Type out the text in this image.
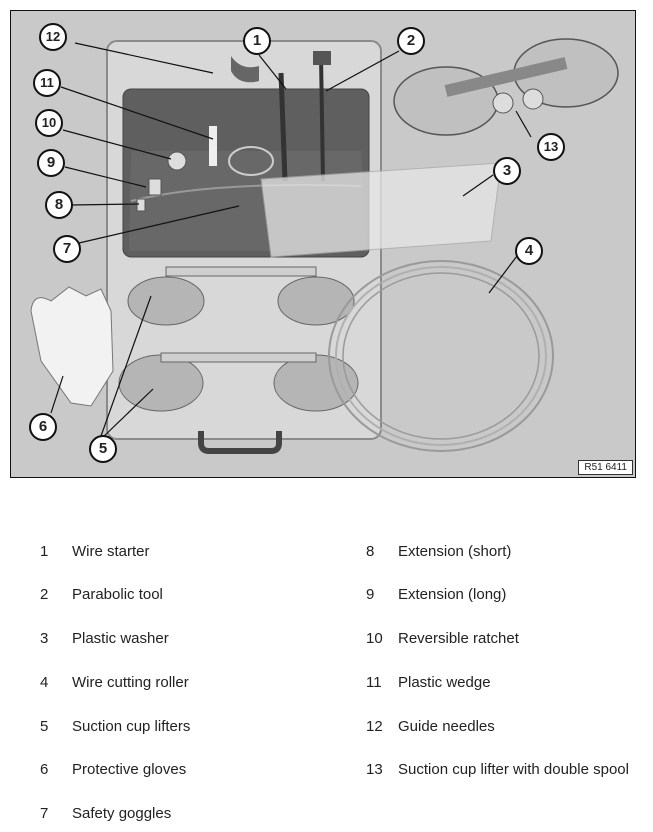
R51 6411
1	2
3
4
5
6
7
8
9
10
11
12
13
1 Wire starter
2 Parabolic tool
3 Plastic washer
4 Wire cutting roller
5 Suction cup lifters
6 Protective gloves
7 Safety goggles
8 Extension (short)
9 Extension (long)
10 Reversible ratchet
11 Plastic wedge
12 Guide needles
13 Suction cup lifter with double spool
